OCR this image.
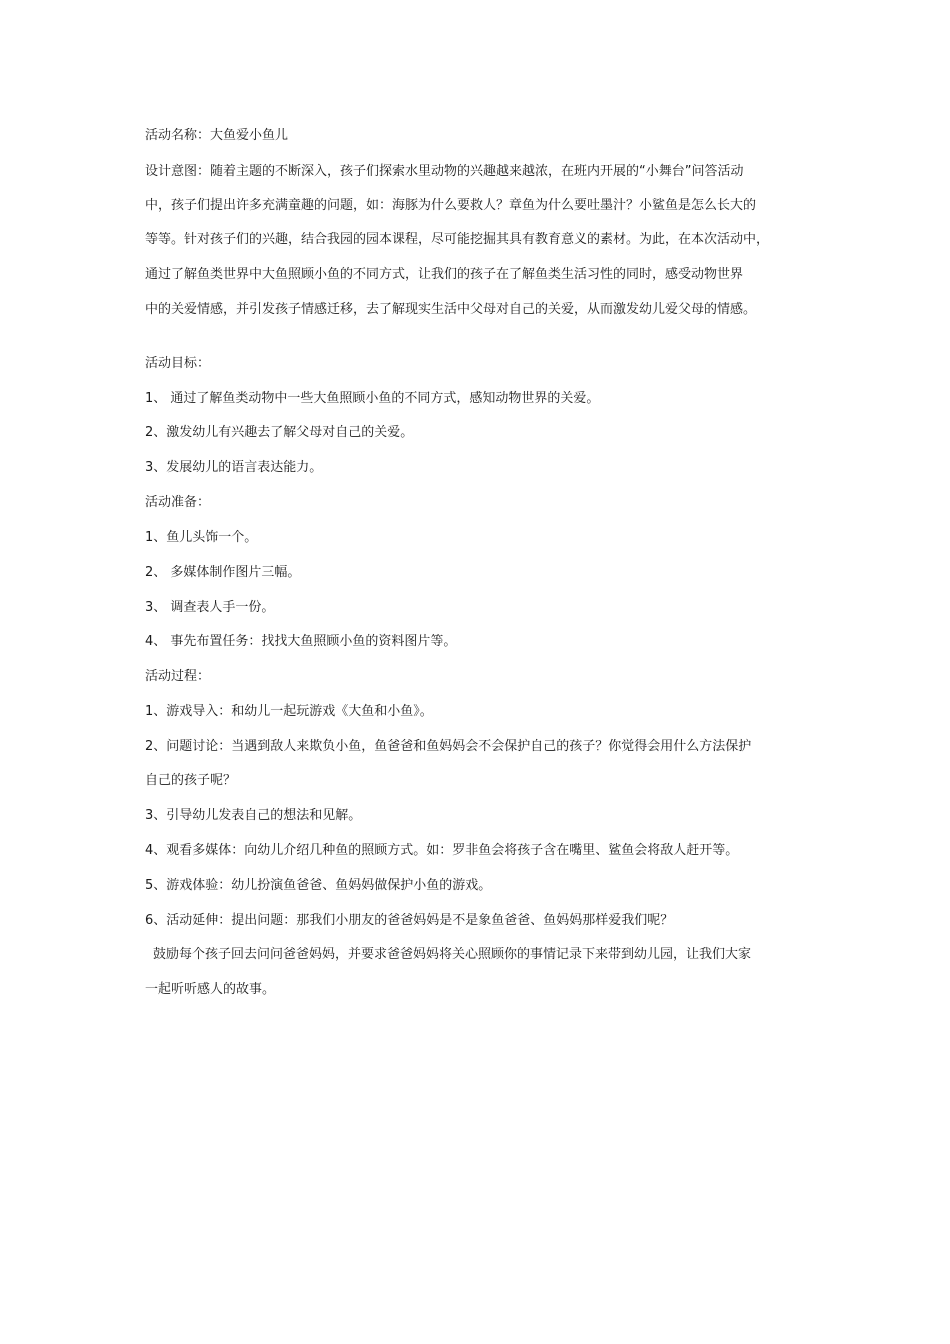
活动名称：大鱼爱小鱼儿
设计意图：随着主题的不断深入，孩子们探索水里动物的兴趣越来越浓，在班内开展的“小舞台”问答活动
中，孩子们提出许多充满童趣的问题，如：海豚为什么要救人？章鱼为什么要吐墨汁？小鲨鱼是怎么长大的
等等。针对孩子们的兴趣，结合我园的园本课程，尽可能挖掘其具有教育意义的素材。为此，在本次活动中，
通过了解鱼类世界中大鱼照顾小鱼的不同方式，让我们的孩子在了解鱼类生活习性的同时，感受动物世界
中的关爱情感，并引发孩子情感迁移，去了解现实生活中父母对自己的关爱，从而激发幼儿爱父母的情感。
活动目标：
1、 通过了解鱼类动物中一些大鱼照顾小鱼的不同方式，感知动物世界的关爱。
2、激发幼儿有兴趣去了解父母对自己的关爱。
3、发展幼儿的语言表达能力。
活动准备：
1、鱼儿头饰一个。
2、 多媒体制作图片三幅。
3、 调查表人手一份。
4、 事先布置任务：找找大鱼照顾小鱼的资料图片等。
活动过程：
1、游戏导入：和幼儿一起玩游戏《大鱼和小鱼》。
2、问题讨论：当遇到敌人来欺负小鱼，鱼爸爸和鱼妈妈会不会保护自己的孩子？你觉得会用什么方法保护
自己的孩子呢？
3、引导幼儿发表自己的想法和见解。
4、观看多媒体：向幼儿介绍几种鱼的照顾方式。如：罗非鱼会将孩子含在嘴里、鲨鱼会将敌人赶开等。
5、游戏体验：幼儿扮演鱼爸爸、鱼妈妈做保护小鱼的游戏。
6、活动延伸：提出问题：那我们小朋友的爸爸妈妈是不是象鱼爸爸、鱼妈妈那样爱我们呢？
鼓励每个孩子回去问问爸爸妈妈，并要求爸爸妈妈将关心照顾你的事情记录下来带到幼儿园，让我们大家
一起听听感人的故事。
